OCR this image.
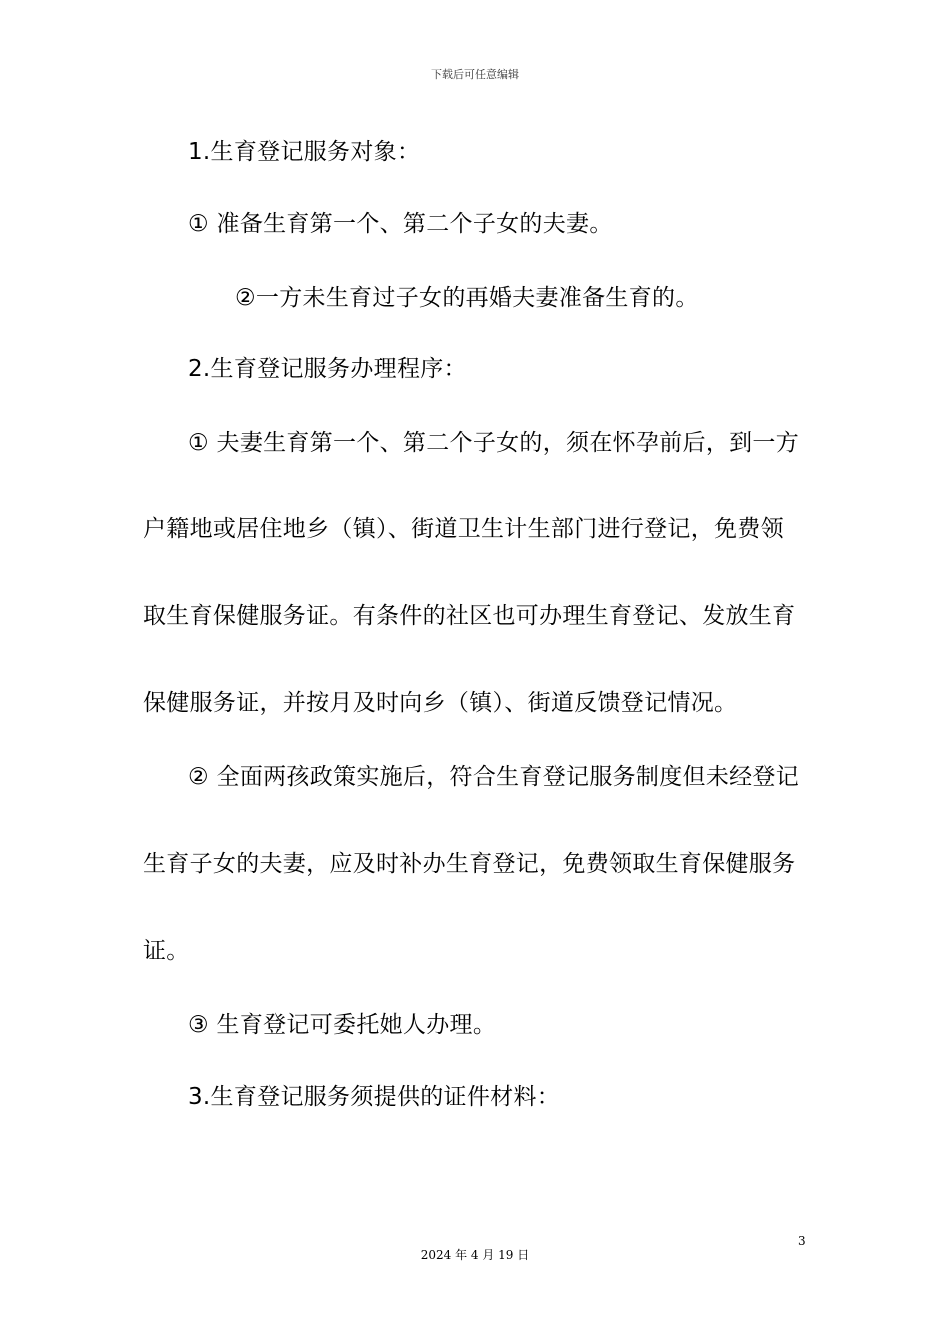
下载后可任意编辑
1.生育登记服务对象：
① 准备生育第一个、第二个子女的夫妻。
②一方未生育过子女的再婚夫妻准备生育的。
2.生育登记服务办理程序：
① 夫妻生育第一个、第二个子女的，须在怀孕前后，到一方
户籍地或居住地乡（镇）、街道卫生计生部门进行登记，免费领
取生育保健服务证。有条件的社区也可办理生育登记、发放生育
保健服务证，并按月及时向乡（镇）、街道反馈登记情况。
② 全面两孩政策实施后，符合生育登记服务制度但未经登记
生育子女的夫妻，应及时补办生育登记，免费领取生育保健服务
证。
③ 生育登记可委托她人办理。
3.生育登记服务须提供的证件材料：
3
2024 年 4 月 19 日
